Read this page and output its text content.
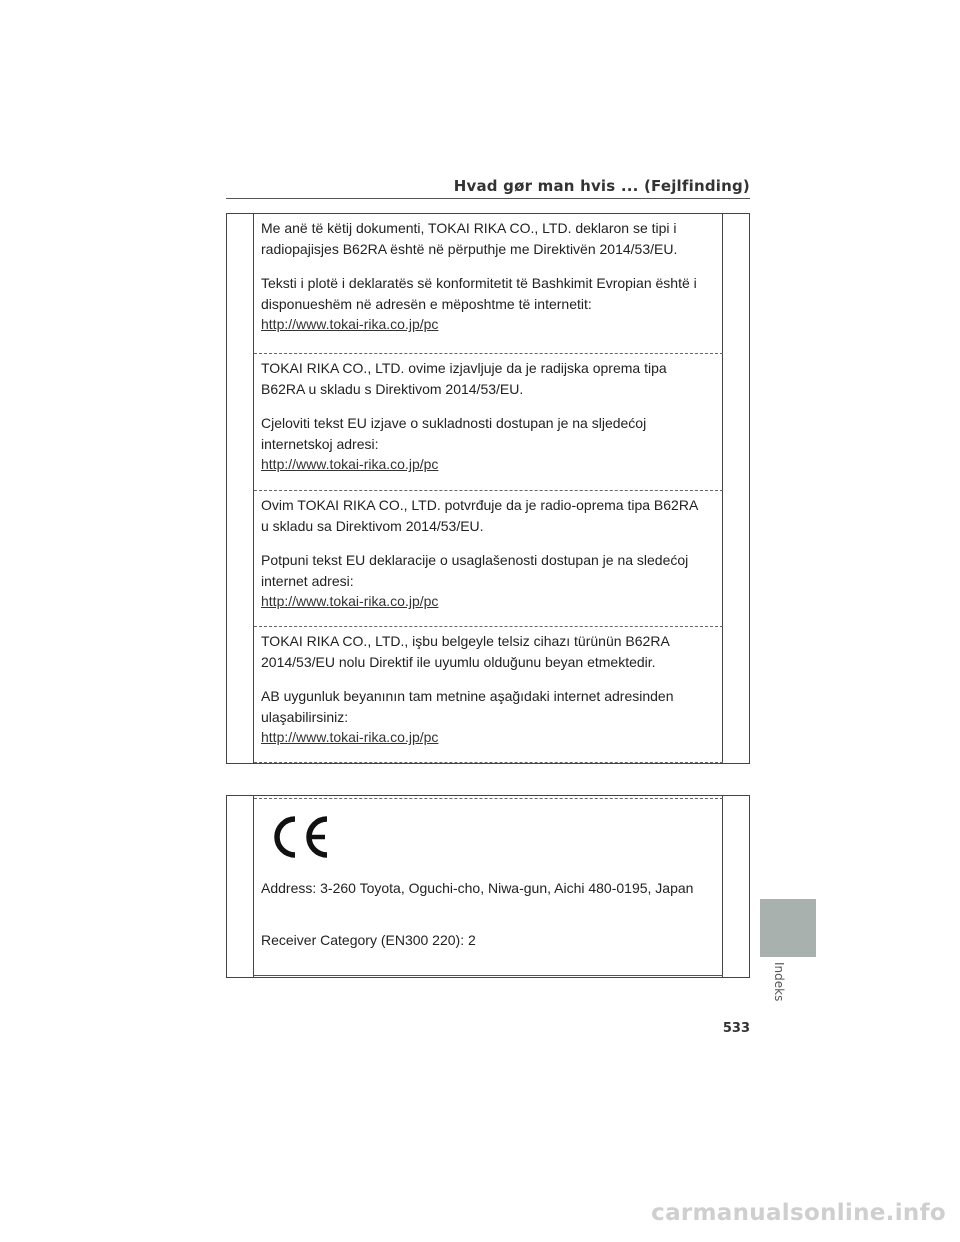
Hvad gør man hvis ... (Fejlfinding)

Me anë të këtij dokumenti, TOKAI RIKA CO., LTD. deklaron se tipi i

radiopajisjes B62RA është në përputhje me Direktivën 2014/53/EU.

Teksti i plotë i deklaratës së konformitetit të Bashkimit Evropian është i

disponueshëm në adresën e mëposhtme të internetit:

http://www.tokai-rika.co.jp/pc

TOKAI RIKA CO., LTD. ovime izjavljuje da je radijska oprema tipa

B62RA u skladu s Direktivom 2014/53/EU.

Cjeloviti tekst EU izjave o sukladnosti dostupan je na sljedećoj

internetskoj adresi:

http://www.tokai-rika.co.jp/pc

Ovim TOKAI RIKA CO., LTD. potvrđuje da je radio-oprema tipa B62RA

u skladu sa Direktivom 2014/53/EU.

Potpuni tekst EU deklaracije o usaglašenosti dostupan je na sledećoj

internet adresi:

http://www.tokai-rika.co.jp/pc

TOKAI RIKA CO., LTD., işbu belgeyle telsiz cihazı türünün B62RA

2014/53/EU nolu Direktif ile uyumlu olduğunu beyan etmektedir.

AB uygunluk beyanının tam metnine aşağıdaki internet adresinden

ulaşabilirsiniz:

http://www.tokai-rika.co.jp/pc

Address: 3-260 Toyota, Oguchi-cho, Niwa-gun, Aichi 480-0195, Japan
Receiver Category (EN300 220): 2
Indeks
533
carmanualsonline.info
